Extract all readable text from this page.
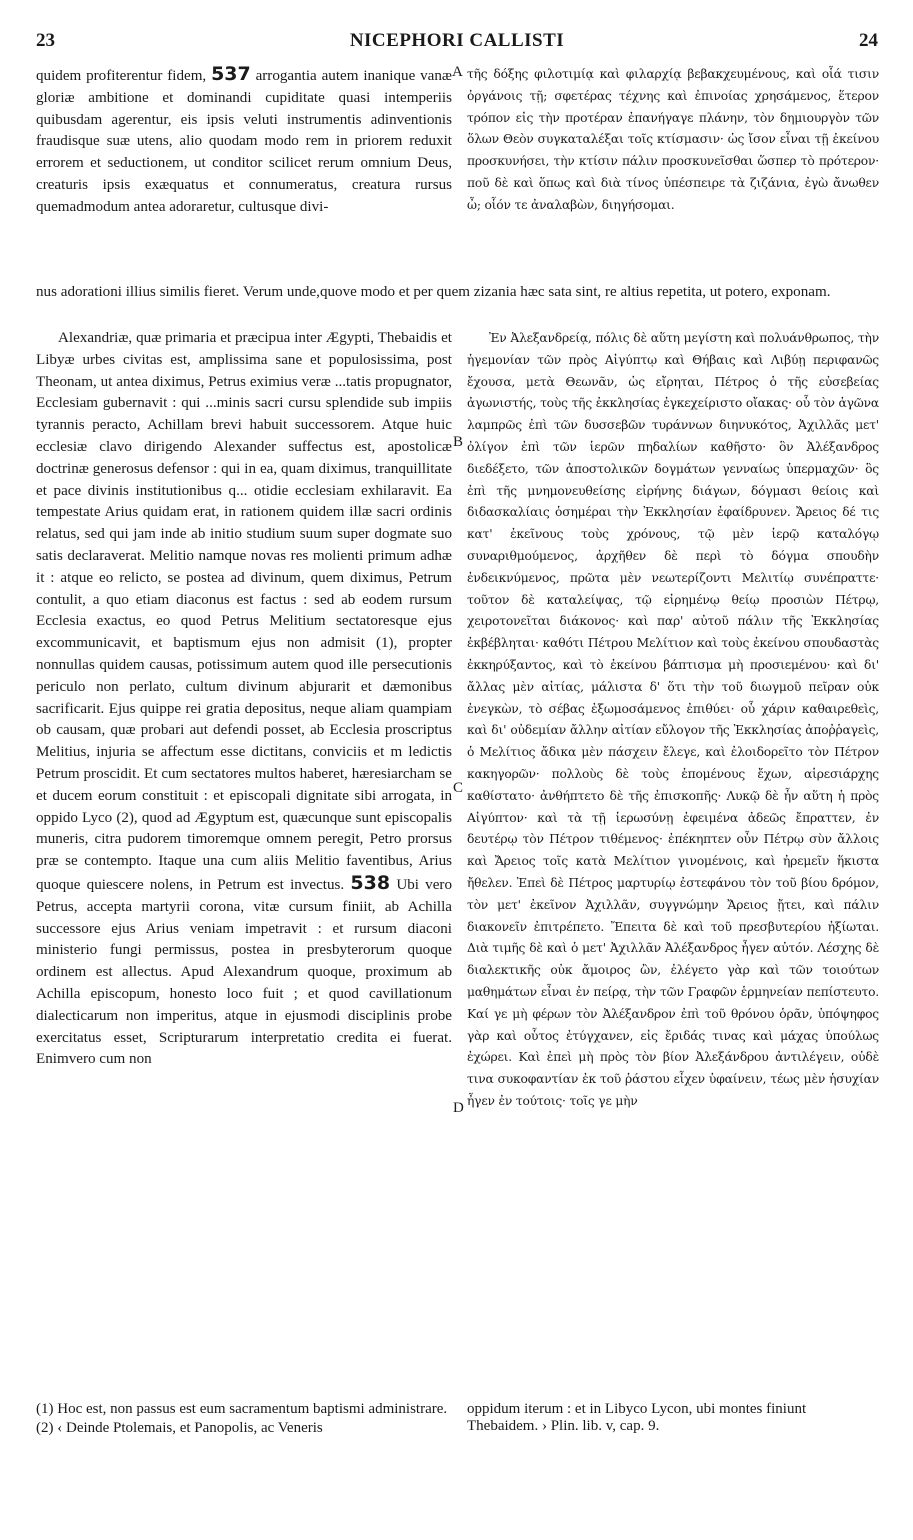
23	NICEPHORI CALLISTI	24
A
B
C
D

quidem profiterentur fidem, 537 arrogantia autem inanique vanæ gloriæ ambitione et dominandi cupiditate quasi intemperiis quibusdam agerentur, eis ipsis veluti instrumentis adinventionis fraudisque suæ utens, alio quodam modo rem in priorem reduxit errorem et seductionem, ut conditor scilicet rerum omnium Deus, creaturis ipsis exæquatus et connumeratus, creatura rursus quemadmodum antea adoraretur, cultusque divi-

τῆς δόξης φιλοτιμίᾳ καὶ φιλαρχίᾳ βεβακχευμένους, καὶ οἷά τισιν ὀργάνοις τῇ; σφετέρας τέχνης καὶ ἐπινοίας χρησάμενος, ἕτερον τρόπον εἰς τὴν προτέραν ἐπανήγαγε πλάνην, τὸν δημιουργὸν τῶν ὅλων Θεὸν συγκαταλέξαι τοῖς κτίσμασιν· ὡς ἴσον εἶναι τῇ ἐκείνου προσκυνήσει, τὴν κτίσιν πάλιν προσκυνεῖσθαι ὥσπερ τὸ πρότερον· ποῦ δὲ καὶ ὅπως καὶ διὰ τίνος ὑπέσπειρε τὰ ζιζάνια, ἐγὼ ἄνωθεν ὦ; οἷόν τε ἀναλαβὼν, διηγήσομαι.

nus adorationi illius similis fieret. Verum unde,quove modo et per quem zizania hæc sata sint, re altius repetita, ut potero, exponam.

Alexandriæ, quæ primaria et præcipua inter Ægypti, Thebaidis et Libyæ urbes civitas est, amplissima sane et populosissima, post Theonam, ut antea diximus, Petrus eximius veræ ...tatis propugnator, Ecclesiam gubernavit : qui ...minis sacri cursu splendide sub impiis tyrannis peracto, Achillam brevi habuit successorem. Atque huic ecclesiæ clavo dirigendo Alexander suffectus est, apostolicæ doctrinæ generosus defensor : qui in ea, quam diximus, tranquillitate et pace divinis institutionibus q... otidie ecclesiam exhilaravit. Ea tempestate Arius quidam erat, in rationem quidem illæ sacri ordinis relatus, sed qui jam inde ab initio studium suum super dogmate suo satis declaraverat. Melitio namque novas res molienti primum adhæ it : atque eo relicto, se postea ad divinum, quem diximus, Petrum contulit, a quo etiam diaconus est factus : sed ab eodem rursum Ecclesia exactus, eo quod Petrus Melitium sectatoresque ejus excommunicavit, et baptismum ejus non admisit (1), propter nonnullas quidem causas, potissimum autem quod ille persecutionis periculo non perlato, cultum divinum abjurarit et dæmonibus sacrificarit. Ejus quippe rei gratia depositus, neque aliam quampiam ob causam, quæ probari aut defendi posset, ab Ecclesia proscriptus Melitius, injuria se affectum esse dictitans, conviciis et m ledictis Petrum proscidit. Et cum sectatores multos haberet, hæresiarcham se et ducem eorum constituit : et episcopali dignitate sibi arrogata, in oppido Lyco (2), quod ad Ægyptum est, quæcunque sunt episcopalis muneris, citra pudorem timoremque omnem peregit, Petro prorsus præ se contempto. Itaque una cum aliis Melitio faventibus, Arius quoque quiescere nolens, in Petrum est invectus. 538 Ubi vero Petrus, accepta martyrii corona, vitæ cursum finiit, ab Achilla successore ejus Arius veniam impetravit : et rursum diaconi ministerio fungi permissus, postea in presbyterorum quoque ordinem est allectus. Apud Alexandrum quoque, proximum ab Achilla episcopum, honesto loco fuit ; et quod cavillationum dialecticarum non imperitus, atque in ejusmodi disciplinis probe exercitatus esset, Scripturarum interpretatio credita ei fuerat. Enimvero cum non

Ἐν Ἀλεξανδρείᾳ, πόλις δὲ αὕτη μεγίστη καὶ πολυάνθρωπος, τὴν ἡγεμονίαν τῶν πρὸς Αἰγύπτῳ καὶ Θήβαις καὶ Λιβύῃ περιφανῶς ἔχουσα, μετὰ Θεωνᾶν, ὡς εἴρηται, Πέτρος ὁ τῆς εὐσεβείας ἀγωνιστής, τοὺς τῆς ἐκκλησίας ἐγκεχείριστο οἴακας· οὗ τὸν ἀγῶνα λαμπρῶς ἐπὶ τῶν δυσσεβῶν τυράννων διηνυκότος, Ἀχιλλᾶς μετ' ὀλίγον ἐπὶ τῶν ἱερῶν πηδαλίων καθῆστο· ὃν Ἀλέξανδρος διεδέξετο, τῶν ἀποστολικῶν δογμάτων γενναίως ὑπερμαχῶν· ὃς ἐπὶ τῆς μνημονευθείσης εἰρήνης διάγων, δόγμασι θείοις καὶ διδασκαλίαις ὁσημέραι τὴν Ἐκκλησίαν ἐφαίδρυνεν. Ἄρειος δέ τις κατ' ἐκεῖνους τοὺς χρόνους, τῷ μὲν ἱερῷ καταλόγῳ συναριθμούμενος, ἀρχῆθεν δὲ περὶ τὸ δόγμα σπουδὴν ἐνδεικνύμενος, πρῶτα μὲν νεωτερίζοντι Μελιτίῳ συνέπραττε· τοῦτον δὲ καταλείψας, τῷ εἰρημένῳ θείῳ προσιὼν Πέτρῳ, χειροτονεῖται διάκονος· καὶ παρ' αὐτοῦ πάλιν τῆς Ἐκκλησίας ἐκβέβληται· καθότι Πέτρου Μελίτιον καὶ τοὺς ἐκείνου σπουδαστὰς ἐκκηρύξαντος, καὶ τὸ ἐκείνου βάπτισμα μὴ προσιεμένου· καὶ δι' ἄλλας μὲν αἰτίας, μάλιστα δ' ὅτι τὴν τοῦ διωγμοῦ πεῖραν οὐκ ἐνεγκὼν, τὸ σέβας ἐξωμοσάμενος ἐπιθύει· οὗ χάριν καθαιρεθεὶς, καὶ δι' οὐδεμίαν ἄλλην αἰτίαν εὔλογον τῆς Ἐκκλησίας ἀποῤῥαγεὶς, ὁ Μελίτιος ἄδικα μὲν πάσχειν ἔλεγε, καὶ ἐλοιδορεῖτο τὸν Πέτρον κακηγορῶν· πολλοὺς δὲ τοὺς ἑπομένους ἔχων, αἱρεσιάρχης καθίστατο· ἀνθήπτετο δὲ τῆς ἐπισκοπῆς· Λυκῷ δὲ ἦν αὕτη ἡ πρὸς Αἰγύπτον· καὶ τὰ τῇ ἱερωσύνῃ ἐφειμένα ἀδεῶς ἔπραττεν, ἐν δευτέρῳ τὸν Πέτρον τιθέμενος· ἐπέκηπτεν οὖν Πέτρῳ σὺν ἄλλοις καὶ Ἄρειος τοῖς κατὰ Μελίτιον γινομένοις, καὶ ἠρεμεῖν ἥκιστα ἤθελεν. Ἐπεὶ δὲ Πέτρος μαρτυρίῳ ἐστεφάνου τὸν τοῦ βίου δρόμον, τὸν μετ' ἐκεῖνον Ἀχιλλᾶν, συγγνώμην Ἄρειος ᾔτει, καὶ πάλιν διακονεῖν ἐπιτρέπετο. Ἔπειτα δὲ καὶ τοῦ πρεσβυτερίου ἠξίωται. Διὰ τιμῆς δὲ καὶ ὁ μετ' Ἀχιλλᾶν Ἀλέξανδρος ἦγεν αὐτόν. Λέσχης δὲ διαλεκτικῆς οὐκ ἄμοιρος ὢν, ἐλέγετο γὰρ καὶ τῶν τοιούτων μαθημάτων εἶναι ἐν πείρᾳ, τὴν τῶν Γραφῶν ἑρμηνείαν πεπίστευτο. Καί γε μὴ φέρων τὸν Ἀλέξανδρον ἐπὶ τοῦ θρόνου ὁρᾶν, ὑπόψηφος γὰρ καὶ οὗτος ἐτύγχανεν, εἰς ἔριδάς τινας καὶ μάχας ὑπούλως ἐχώρει. Καὶ ἐπεὶ μὴ πρὸς τὸν βίον Ἀλεξάνδρου ἀντιλέγειν, οὐδὲ τινα συκοφαντίαν ἐκ τοῦ ῥάστου εἶχεν ὑφαίνειν, τέως μὲν ἡσυχίαν ἦγεν ἐν τούτοις· τοῖς γε μὴν

(1) Hoc est, non passus est eum sacramentum baptismi administrare.

(2) ‹ Deinde Ptolemais, et Panopolis, ac Veneris

oppidum iterum : et in Libyco Lycon, ubi montes finiunt Thebaidem. › Plin. lib. v, cap. 9.
